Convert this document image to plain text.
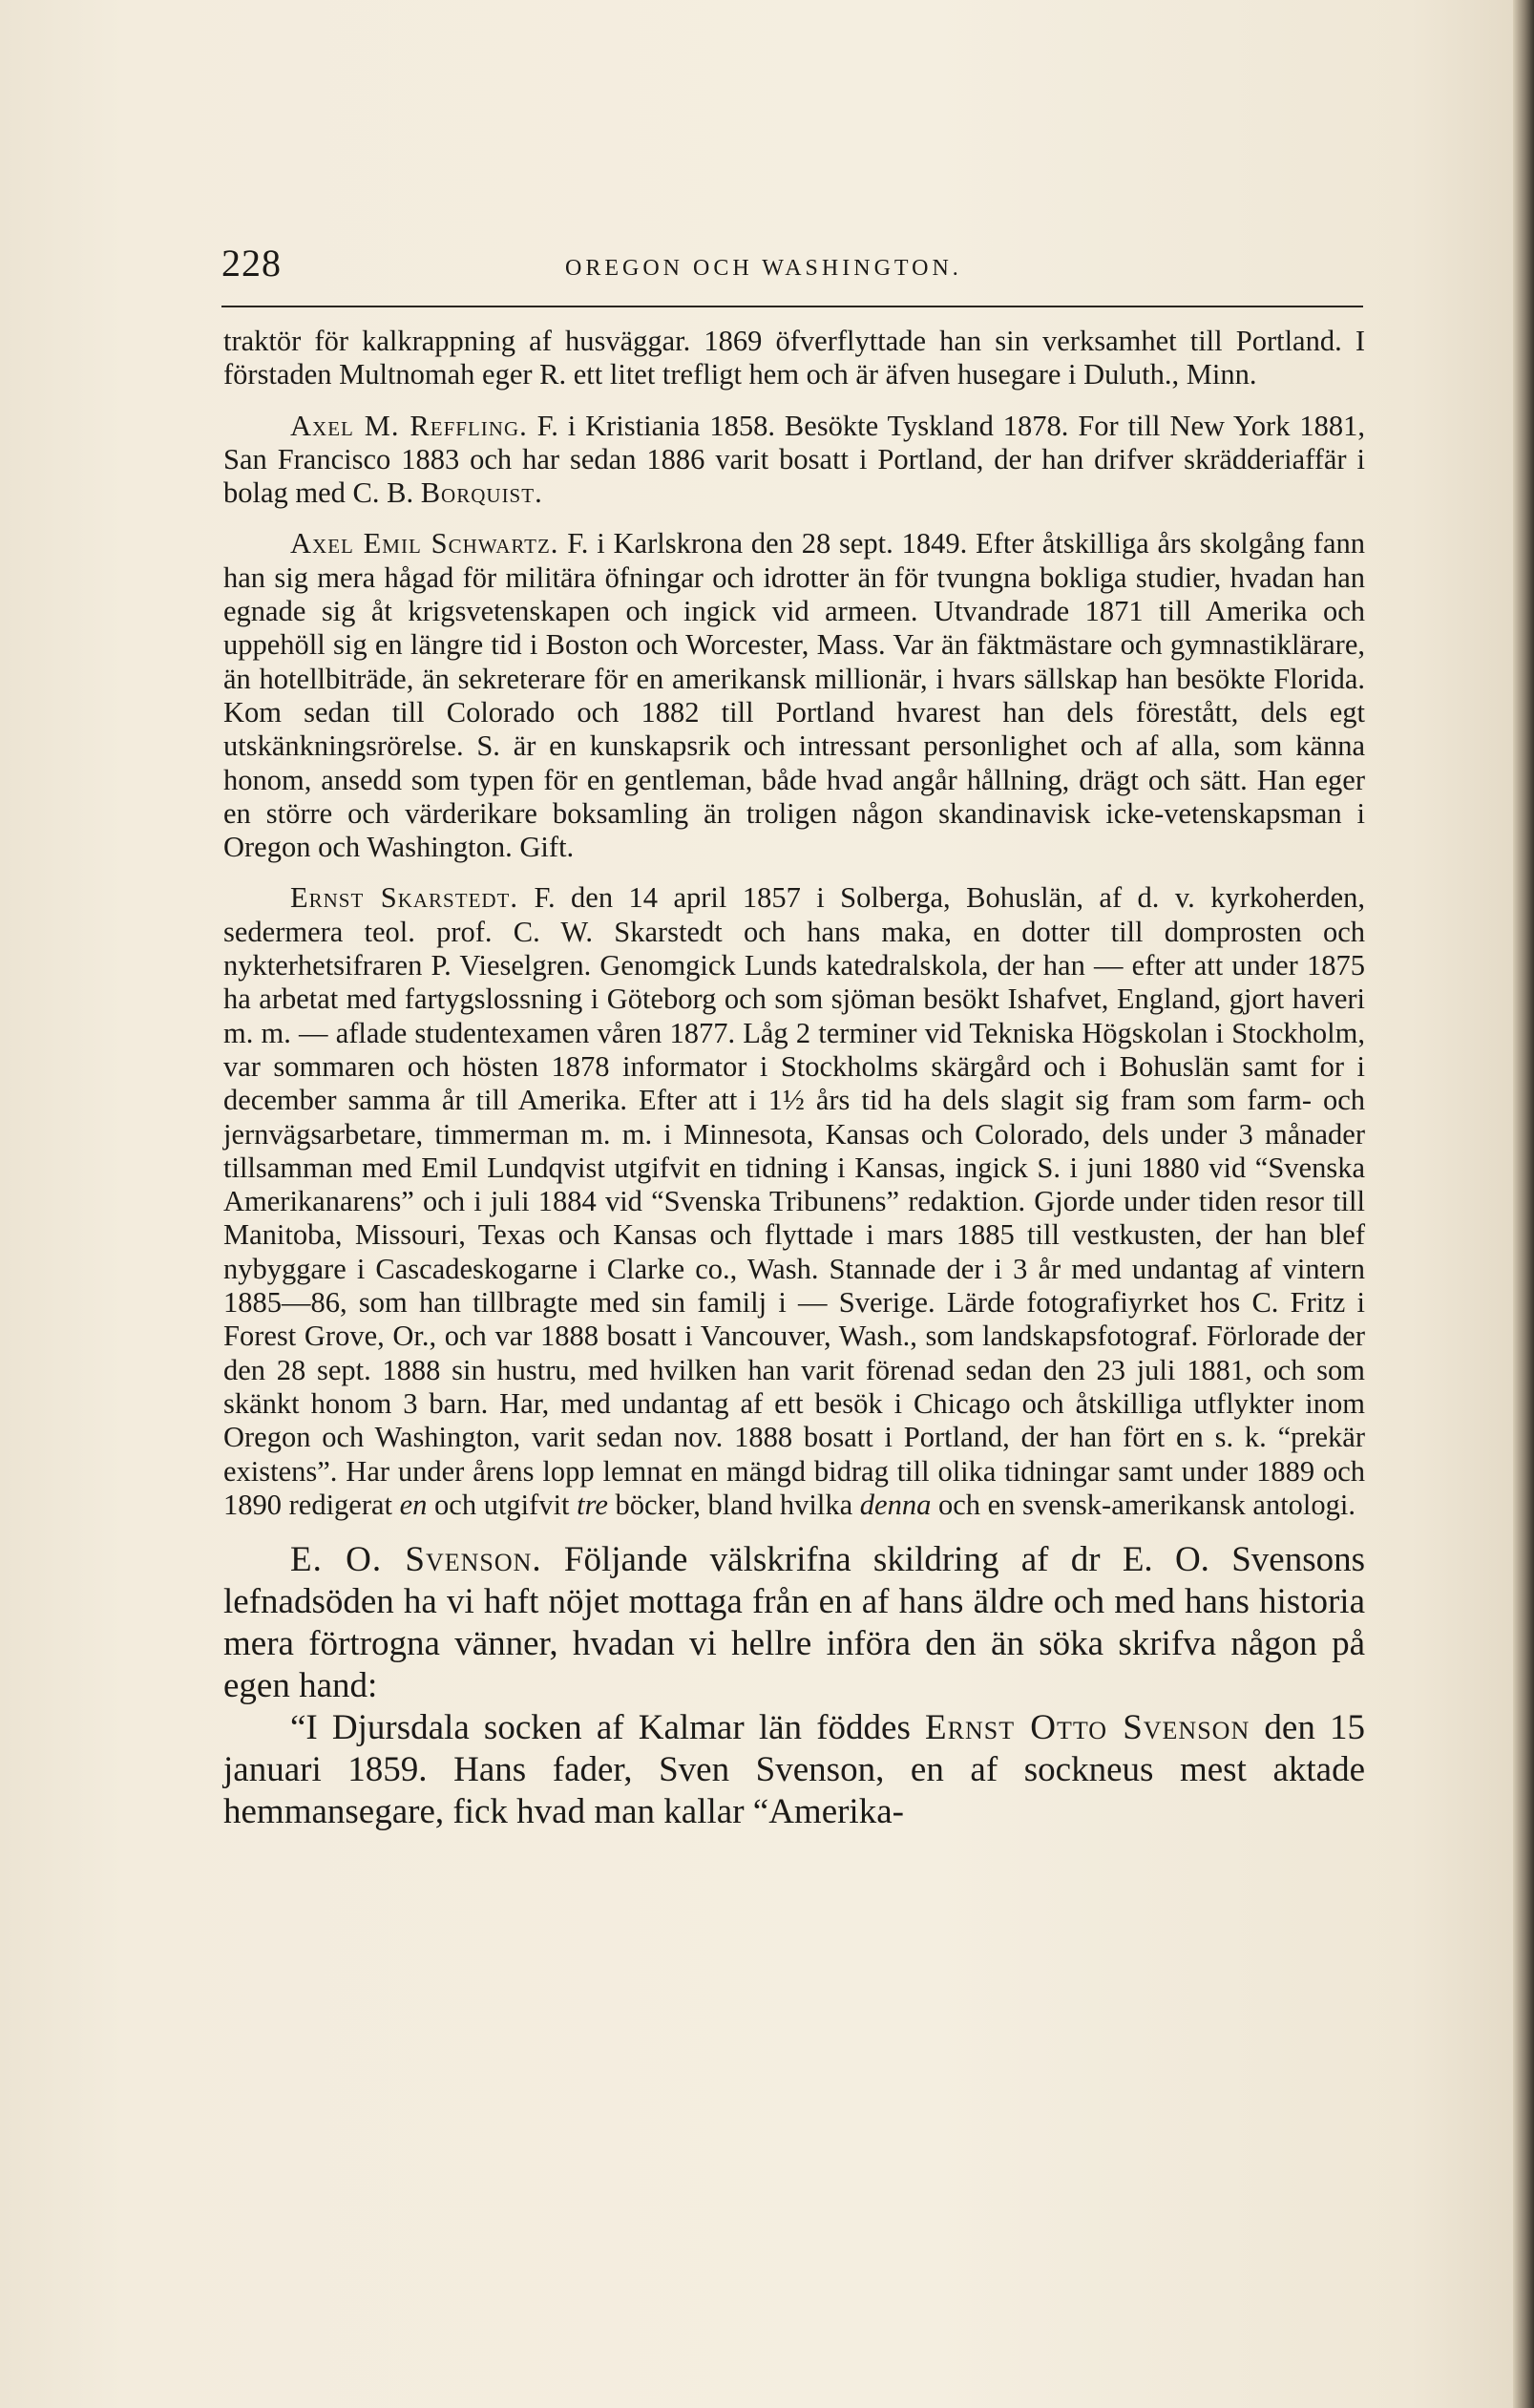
228	OREGON OCH WASHINGTON.

traktör för kalkrappning af husväggar. 1869 öfverflyttade han sin verksamhet till Portland. I förstaden Multnomah eger R. ett litet trefligt hem och är äfven husegare i Duluth., Minn.

Axel M. Reffling. F. i Kristiania 1858. Besökte Tyskland 1878. For till New York 1881, San Francisco 1883 och har sedan 1886 varit bosatt i Portland, der han drifver skrädderiaffär i bolag med C. B. Borquist.

Axel Emil Schwartz. F. i Karlskrona den 28 sept. 1849. Efter åtskilliga års skolgång fann han sig mera hågad för militära öfningar och idrotter än för tvungna bokliga studier, hvadan han egnade sig åt krigsvetenskapen och ingick vid armeen. Utvandrade 1871 till Amerika och uppehöll sig en längre tid i Boston och Worcester, Mass. Var än fäktmästare och gymnastiklärare, än hotellbiträde, än sekreterare för en amerikansk millionär, i hvars sällskap han besökte Florida. Kom sedan till Colorado och 1882 till Portland hvarest han dels förestått, dels egt utskänkningsrörelse. S. är en kunskapsrik och intressant personlighet och af alla, som känna honom, ansedd som typen för en gentleman, både hvad angår hållning, drägt och sätt. Han eger en större och värderikare boksamling än troligen någon skandinavisk icke-vetenskapsman i Oregon och Washington. Gift.

Ernst Skarstedt. F. den 14 april 1857 i Solberga, Bohuslän, af d. v. kyrkoherden, sedermera teol. prof. C. W. Skarstedt och hans maka, en dotter till domprosten och nykterhetsifraren P. Vieselgren. Genomgick Lunds katedralskola, der han — efter att under 1875 ha arbetat med fartygslossning i Göteborg och som sjöman besökt Ishafvet, England, gjort haveri m. m. — aflade studentexamen våren 1877. Låg 2 terminer vid Tekniska Högskolan i Stockholm, var sommaren och hösten 1878 informator i Stockholms skärgård och i Bohuslän samt for i december samma år till Amerika. Efter att i 1½ års tid ha dels slagit sig fram som farm- och jernvägsarbetare, timmerman m. m. i Minnesota, Kansas och Colorado, dels under 3 månader tillsamman med Emil Lundqvist utgifvit en tidning i Kansas, ingick S. i juni 1880 vid “Svenska Amerikanarens” och i juli 1884 vid “Svenska Tribunens” redaktion. Gjorde under tiden resor till Manitoba, Missouri, Texas och Kansas och flyttade i mars 1885 till vestkusten, der han blef nybyggare i Cascadeskogarne i Clarke co., Wash. Stannade der i 3 år med undantag af vintern 1885—86, som han tillbragte med sin familj i — Sverige. Lärde fotografiyrket hos C. Fritz i Forest Grove, Or., och var 1888 bosatt i Vancouver, Wash., som landskapsfotograf. Förlorade der den 28 sept. 1888 sin hustru, med hvilken han varit förenad sedan den 23 juli 1881, och som skänkt honom 3 barn. Har, med undantag af ett besök i Chicago och åtskilliga utflykter inom Oregon och Washington, varit sedan nov. 1888 bosatt i Portland, der han fört en s. k. “prekär existens”. Har under årens lopp lemnat en mängd bidrag till olika tidningar samt under 1889 och 1890 redigerat en och utgifvit tre böcker, bland hvilka denna och en svensk-amerikansk antologi.

E. O. Svenson. Följande välskrifna skildring af dr E. O. Svensons lefnadsöden ha vi haft nöjet mottaga från en af hans äldre och med hans historia mera förtrogna vänner, hvadan vi hellre införa den än söka skrifva någon på egen hand:

“I Djursdala socken af Kalmar län föddes Ernst Otto Svenson den 15 januari 1859. Hans fader, Sven Svenson, en af sockneus mest aktade hemmansegare, fick hvad man kallar “Amerika-
